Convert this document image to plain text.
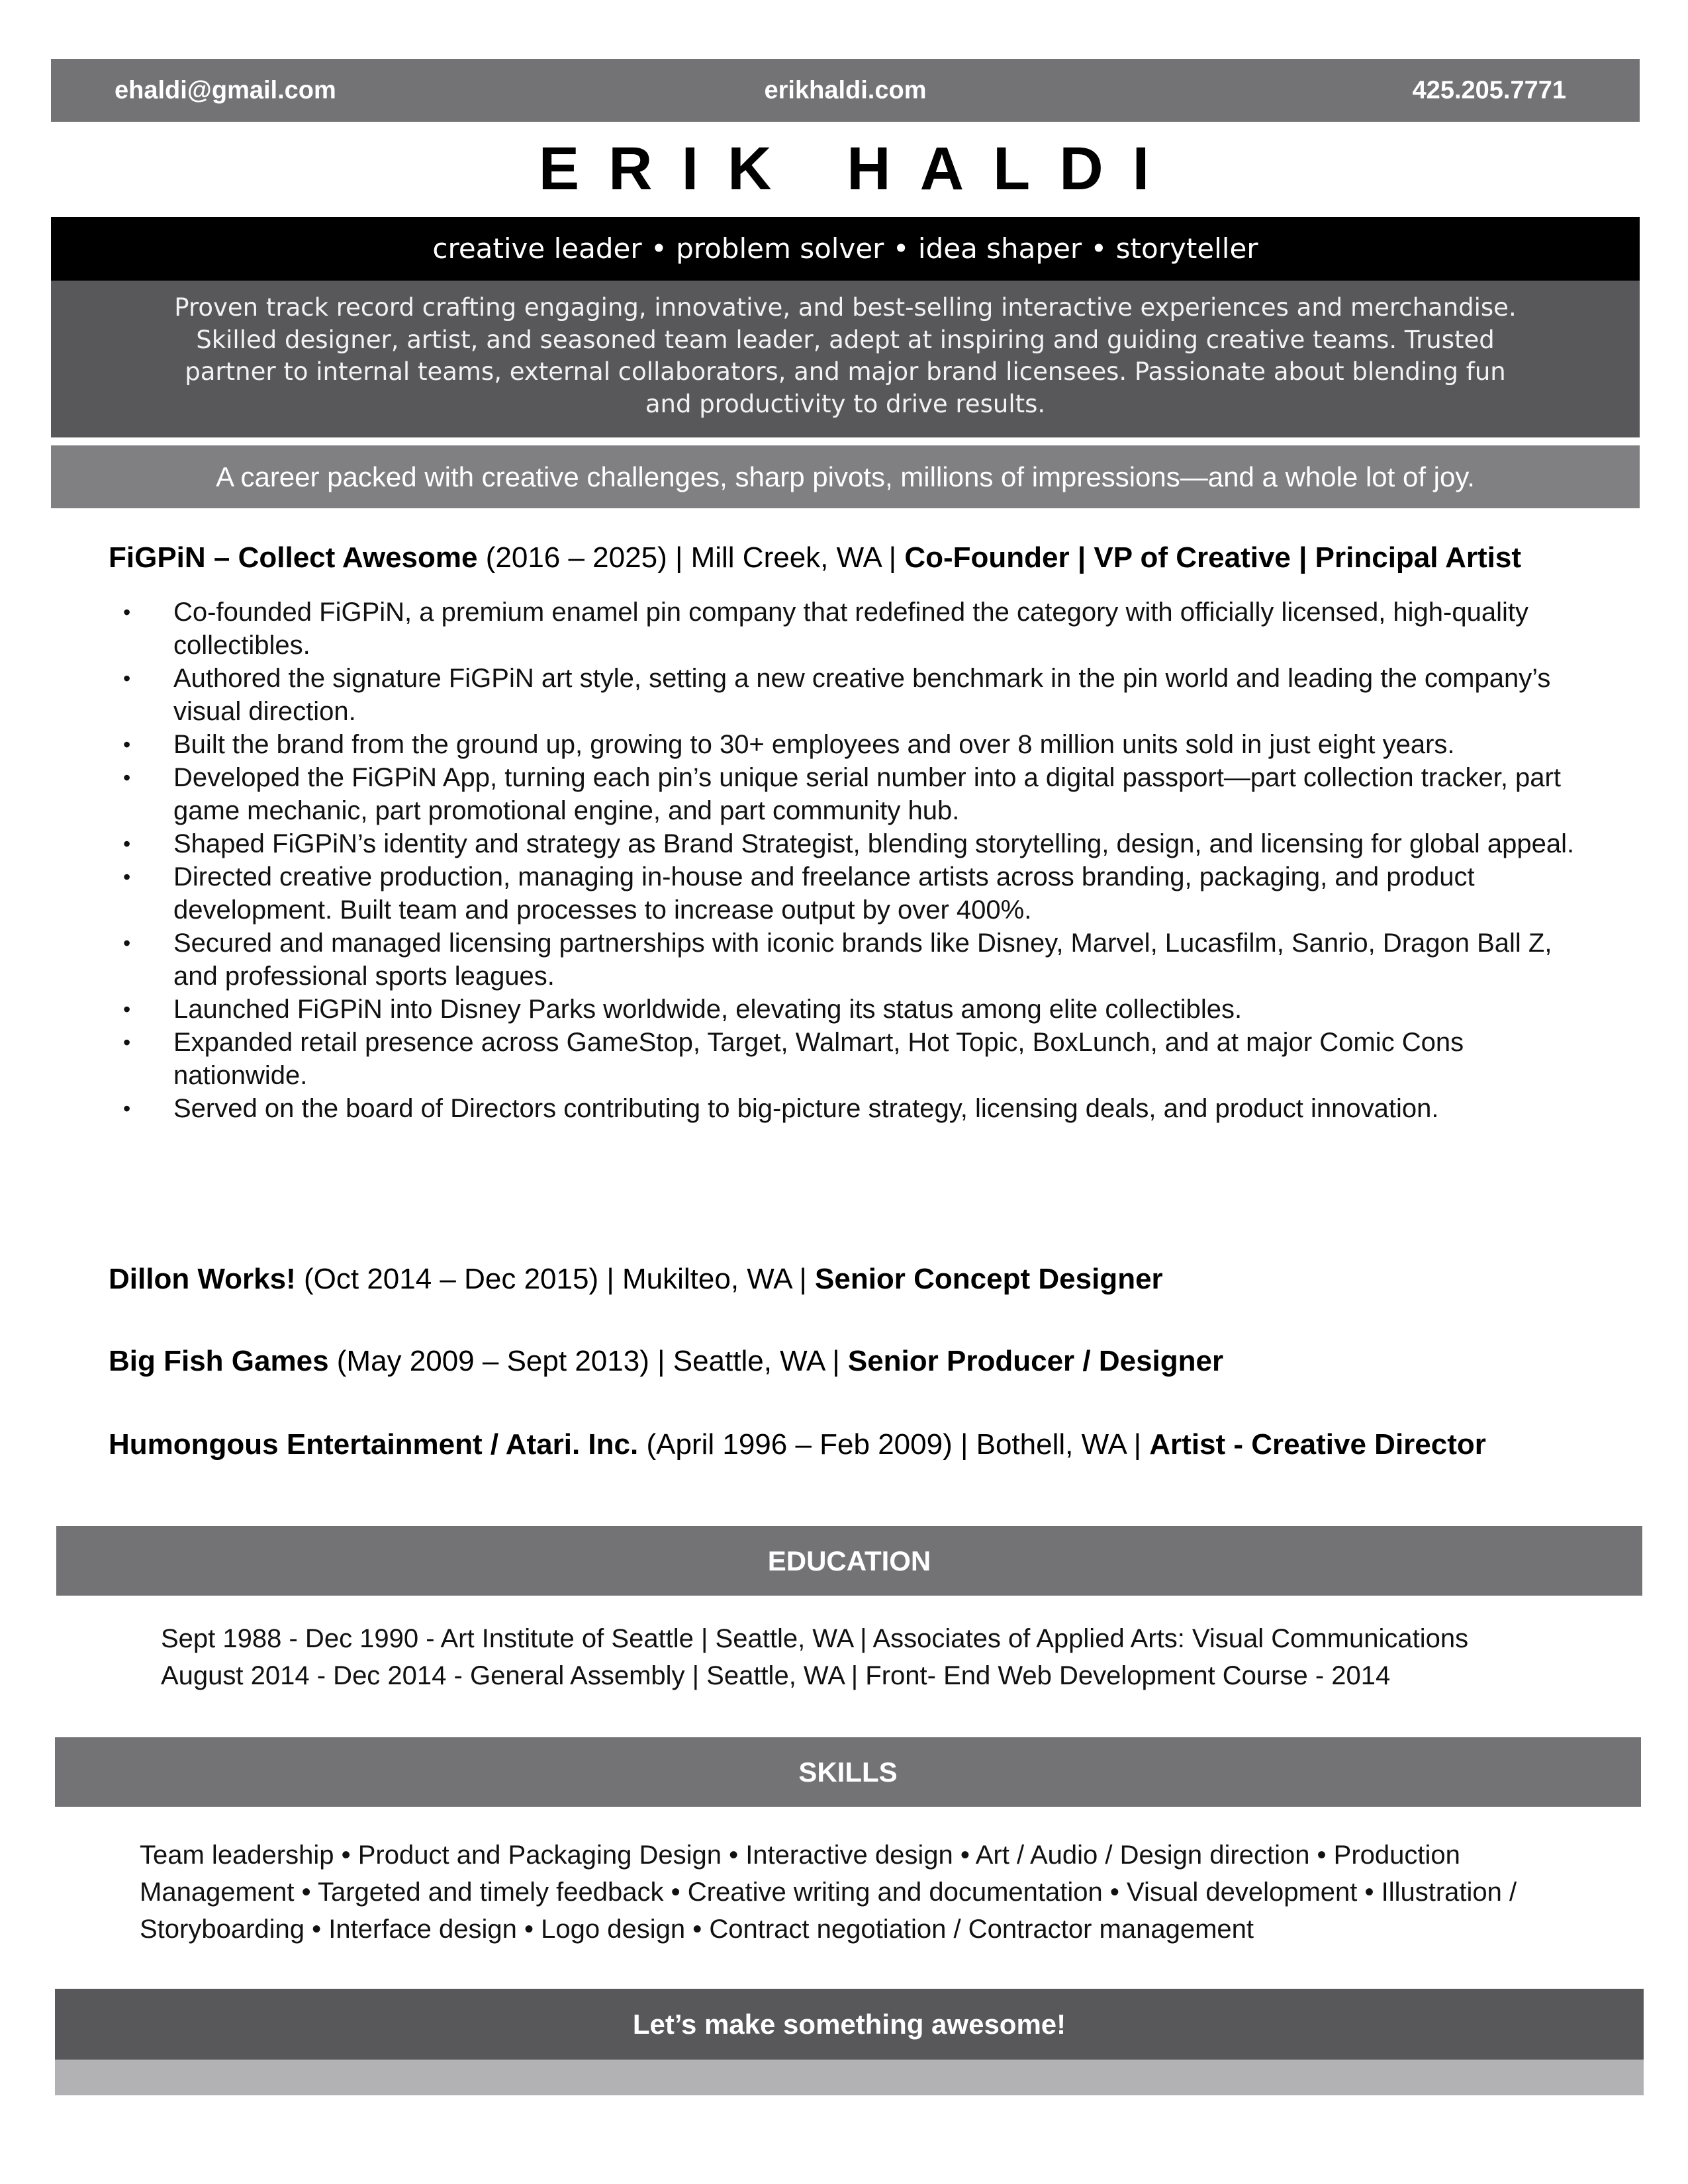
ehaldi@gmail.com	erikhaldi.com	425.205.7771
ERIK HALDI
creative leader • problem solver • idea shaper • storyteller
Proven track record crafting engaging, innovative, and best-selling interactive experiences and merchandise. Skilled designer, artist, and seasoned team leader, adept at inspiring and guiding creative teams. Trusted partner to internal teams, external collaborators, and major brand licensees. Passionate about blending fun and productivity to drive results.
A career packed with creative challenges, sharp pivots, millions of impressions—and a whole lot of joy.
FiGPiN – Collect Awesome (2016 – 2025) | Mill Creek, WA | Co-Founder | VP of Creative | Principal Artist
• Co-founded FiGPiN, a premium enamel pin company that redefined the category with officially licensed, high-quality collectibles.
• Authored the signature FiGPiN art style, setting a new creative benchmark in the pin world and leading the company’s visual direction.
• Built the brand from the ground up, growing to 30+ employees and over 8 million units sold in just eight years.
• Developed the FiGPiN App, turning each pin’s unique serial number into a digital passport—part collection tracker, part game mechanic, part promotional engine, and part community hub.
• Shaped FiGPiN’s identity and strategy as Brand Strategist, blending storytelling, design, and licensing for global appeal.
• Directed creative production, managing in-house and freelance artists across branding, packaging, and product development. Built team and processes to increase output by over 400%.
• Secured and managed licensing partnerships with iconic brands like Disney, Marvel, Lucasfilm, Sanrio, Dragon Ball Z, and professional sports leagues.
• Launched FiGPiN into Disney Parks worldwide, elevating its status among elite collectibles.
• Expanded retail presence across GameStop, Target, Walmart, Hot Topic, BoxLunch, and at major Comic Cons nationwide.
• Served on the board of Directors contributing to big-picture strategy, licensing deals, and product innovation.
Dillon Works! (Oct 2014 – Dec 2015) | Mukilteo, WA | Senior Concept Designer
Big Fish Games (May 2009 – Sept 2013) | Seattle, WA | Senior Producer / Designer
Humongous Entertainment / Atari. Inc. (April 1996 – Feb 2009) | Bothell, WA | Artist - Creative Director
EDUCATION
Sept 1988 - Dec 1990 - Art Institute of Seattle | Seattle, WA | Associates of Applied Arts: Visual Communications
August 2014 - Dec 2014 - General Assembly | Seattle, WA | Front- End Web Development Course - 2014
SKILLS
Team leadership • Product and Packaging Design • Interactive design • Art / Audio / Design direction • Production Management • Targeted and timely feedback • Creative writing and documentation • Visual development • Illustration / Storyboarding • Interface design • Logo design • Contract negotiation / Contractor management
Let’s make something awesome!
